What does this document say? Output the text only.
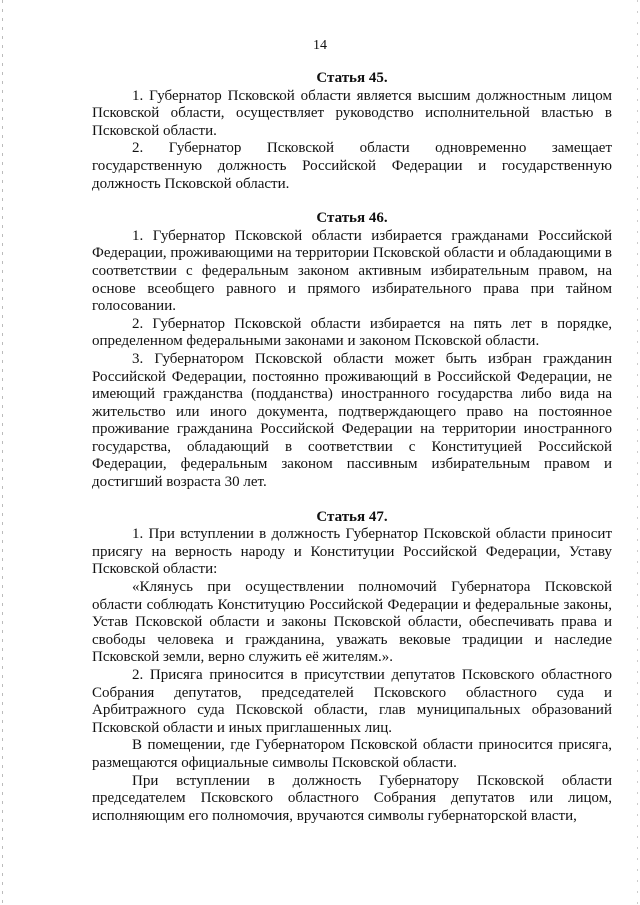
14

Статья 45.

1. Губернатор Псковской области является высшим должностным лицом Псковской области, осуществляет руководство исполнительной властью в Псковской области.

2. Губернатор Псковской области одновременно замещает государственную должность Российской Федерации и государственную должность Псковской области.

Статья 46.

1. Губернатор Псковской области избирается гражданами Российской Федерации, проживающими на территории Псковской области и обладающими в соответствии с федеральным законом активным избирательным правом, на основе всеобщего равного и прямого избирательного права при тайном голосовании.

2. Губернатор Псковской области избирается на пять лет в порядке, определенном федеральными законами и законом Псковской области.

3. Губернатором Псковской области может быть избран гражданин Российской Федерации, постоянно проживающий в Российской Федерации, не имеющий гражданства (подданства) иностранного государства либо вида на жительство или иного документа, подтверждающего право на постоянное проживание гражданина Российской Федерации на территории иностранного государства, обладающий в соответствии с Конституцией Российской Федерации, федеральным законом пассивным избирательным правом и достигший возраста 30 лет.

Статья 47.

1. При вступлении в должность Губернатор Псковской области приносит присягу на верность народу и Конституции Российской Федерации, Уставу Псковской области:

«Клянусь при осуществлении полномочий Губернатора Псковской области соблюдать Конституцию Российской Федерации и федеральные законы, Устав Псковской области и законы Псковской области, обеспечивать права и свободы человека и гражданина, уважать вековые традиции и наследие Псковской земли, верно служить её жителям.».

2. Присяга приносится в присутствии депутатов Псковского областного Собрания депутатов, председателей Псковского областного суда и Арбитражного суда Псковской области, глав муниципальных образований Псковской области и иных приглашенных лиц.

В помещении, где Губернатором Псковской области приносится присяга, размещаются официальные символы Псковской области.

При вступлении в должность Губернатору Псковской области председателем Псковского областного Собрания депутатов или лицом, исполняющим его полномочия, вручаются символы губернаторской власти,
